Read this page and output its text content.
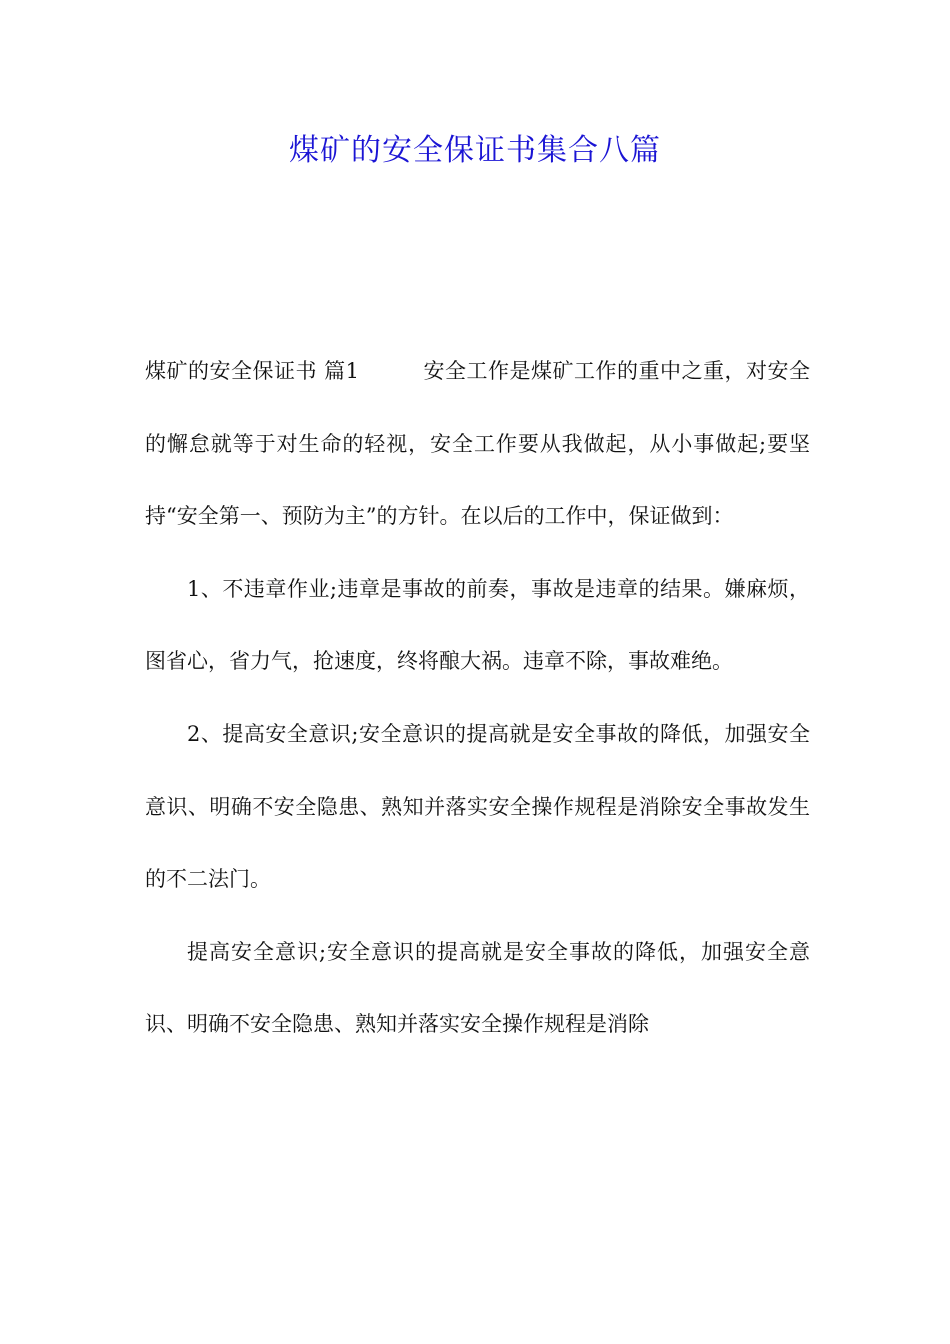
煤矿的安全保证书集合八篇

煤矿的安全保证书 篇1	安全工作是煤矿工作的重中之重，对安全的懈怠就等于对生命的轻视，安全工作要从我做起，从小事做起;要坚持“安全第一、预防为主”的方针。在以后的工作中，保证做到：

1、不违章作业;违章是事故的前奏，事故是违章的结果。嫌麻烦，图省心，省力气，抢速度，终将酿大祸。违章不除，事故难绝。

2、提高安全意识;安全意识的提高就是安全事故的降低，加强安全意识、明确不安全隐患、熟知并落实安全操作规程是消除安全事故发生的不二法门。

提高安全意识;安全意识的提高就是安全事故的降低，加强安全意识、明确不安全隐患、熟知并落实安全操作规程是消除
